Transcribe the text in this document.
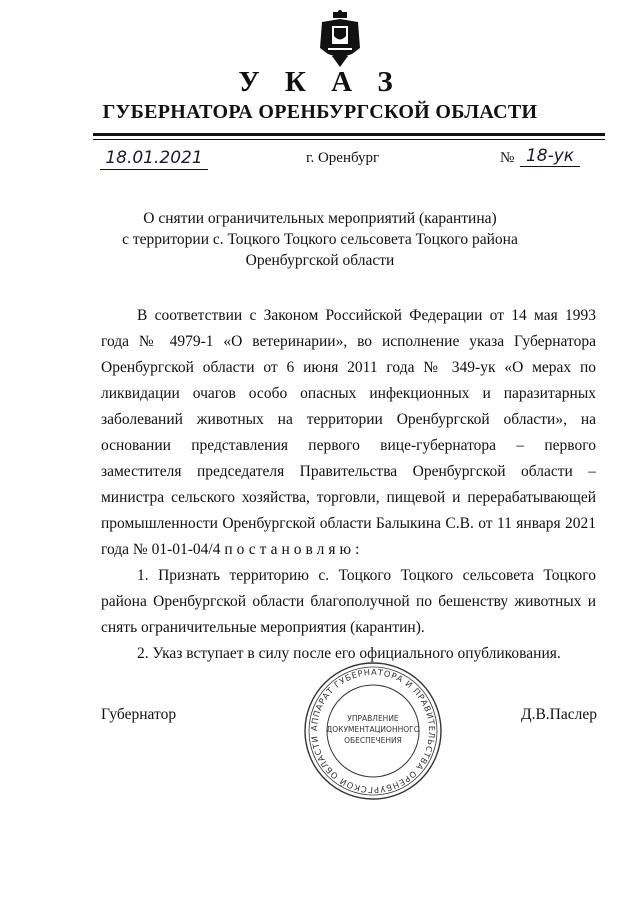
У К А З
ГУБЕРНАТОРА ОРЕНБУРГСКОЙ ОБЛАСТИ
18.01.2021	г. Оренбург	№ 18-ук
О снятии ограничительных мероприятий (карантина)
с территории с. Тоцкого Тоцкого сельсовета Тоцкого района
Оренбургской области

В соответствии с Законом Российской Федерации от 14 мая 1993 года № 4979-1 «О ветеринарии», во исполнение указа Губернатора Оренбургской области от 6 июня 2011 года № 349-ук «О мерах по ликвидации очагов особо опасных инфекционных и паразитарных заболеваний животных на территории Оренбургской области», на основании представления первого вице-губернатора – первого заместителя председателя Правительства Оренбургской области – министра сельского хозяйства, торговли, пищевой и перерабатывающей промышленности Оренбургской области Балыкина С.В. от 11 января 2021 года № 01-01-04/4 постановляю:

1. Признать территорию с. Тоцкого Тоцкого сельсовета Тоцкого района Оренбургской области благополучной по бешенству животных и снять ограничительные мероприятия (карантин).

2. Указ вступает в силу после его официального опубликования.

Губернатор	Д.В.Паслер
АППАРАТ ГУБЕРНАТОРА И ПРАВИТЕЛЬСТВА ОРЕНБУРГСКОЙ ОБЛАСТИ
УПРАВЛЕНИЕ
ДОКУМЕНТАЦИОННОГО
ОБЕСПЕЧЕНИЯ
